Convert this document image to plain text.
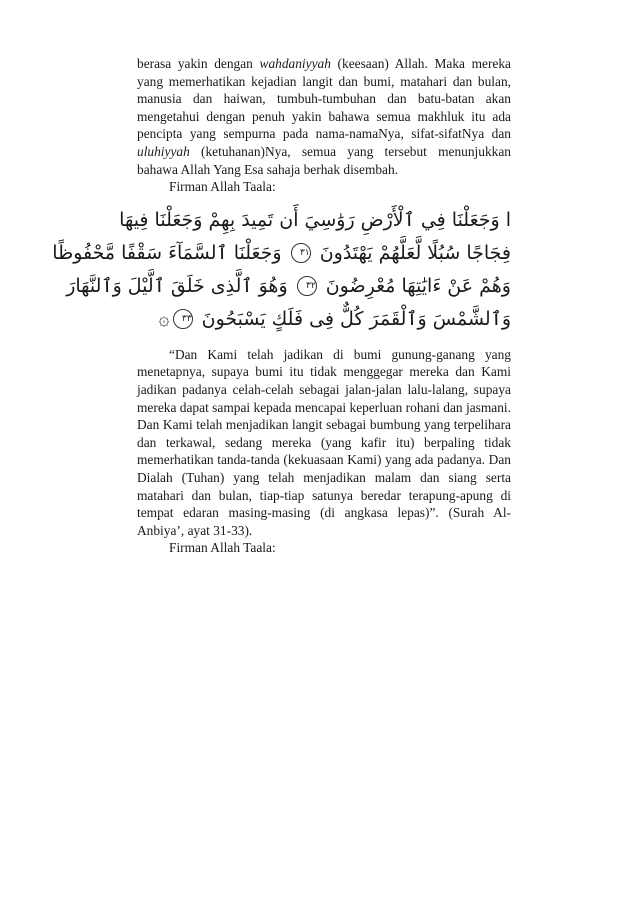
berasa yakin dengan wahdaniyyah (keesaan) Allah. Maka mereka yang memerhatikan kejadian langit dan bumi, matahari dan bulan, manusia dan haiwan, tumbuh-tumbuhan dan batu-batan akan mengetahui dengan penuh yakin bahawa semua makhluk itu ada pencipta yang sempurna pada nama-namaNya, sifat-sifatNya dan uluhiyyah (ketuhanan)Nya, semua yang tersebut menunjukkan bahawa Allah Yang Esa sahaja berhak disembah.

Firman Allah Taala:

ا وَجَعَلْنَا فِي ٱلْأَرْضِ رَوَٰسِيَ أَن تَمِيدَ بِهِمْ وَجَعَلْنَا فِيهَا
فِجَاجًا سُبُلًا لَّعَلَّهُمْ يَهْتَدُونَ ٣١ وَجَعَلْنَا ٱلسَّمَآءَ سَقْفًا مَّحْفُوظًا
وَهُمْ عَنْ ءَايَٰتِهَا مُعْرِضُونَ ٣٢ وَهُوَ ٱلَّذِى خَلَقَ ٱلَّيْلَ وَٱلنَّهَارَ
وَٱلشَّمْسَ وَٱلْقَمَرَ كُلٌّ فِى فَلَكٍ يَسْبَحُونَ ٣٣۞

“Dan Kami telah jadikan di bumi gunung-ganang yang menetapnya, supaya bumi itu tidak menggegar mereka dan Kami jadikan padanya celah-celah sebagai jalan-jalan lalu-lalang, supaya mereka dapat sampai kepada mencapai keperluan rohani dan jasmani. Dan Kami telah menjadikan langit sebagai bumbung yang terpelihara dan terkawal, sedang mereka (yang kafir itu) berpaling tidak memerhatikan tanda-tanda (kekuasaan Kami) yang ada padanya. Dan Dialah (Tuhan) yang telah menjadikan malam dan siang serta matahari dan bulan, tiap-tiap satunya beredar terapung-apung di tempat edaran masing-masing (di angkasa lepas)”. (Surah Al-Anbiya’, ayat 31-33).

Firman Allah Taala:
